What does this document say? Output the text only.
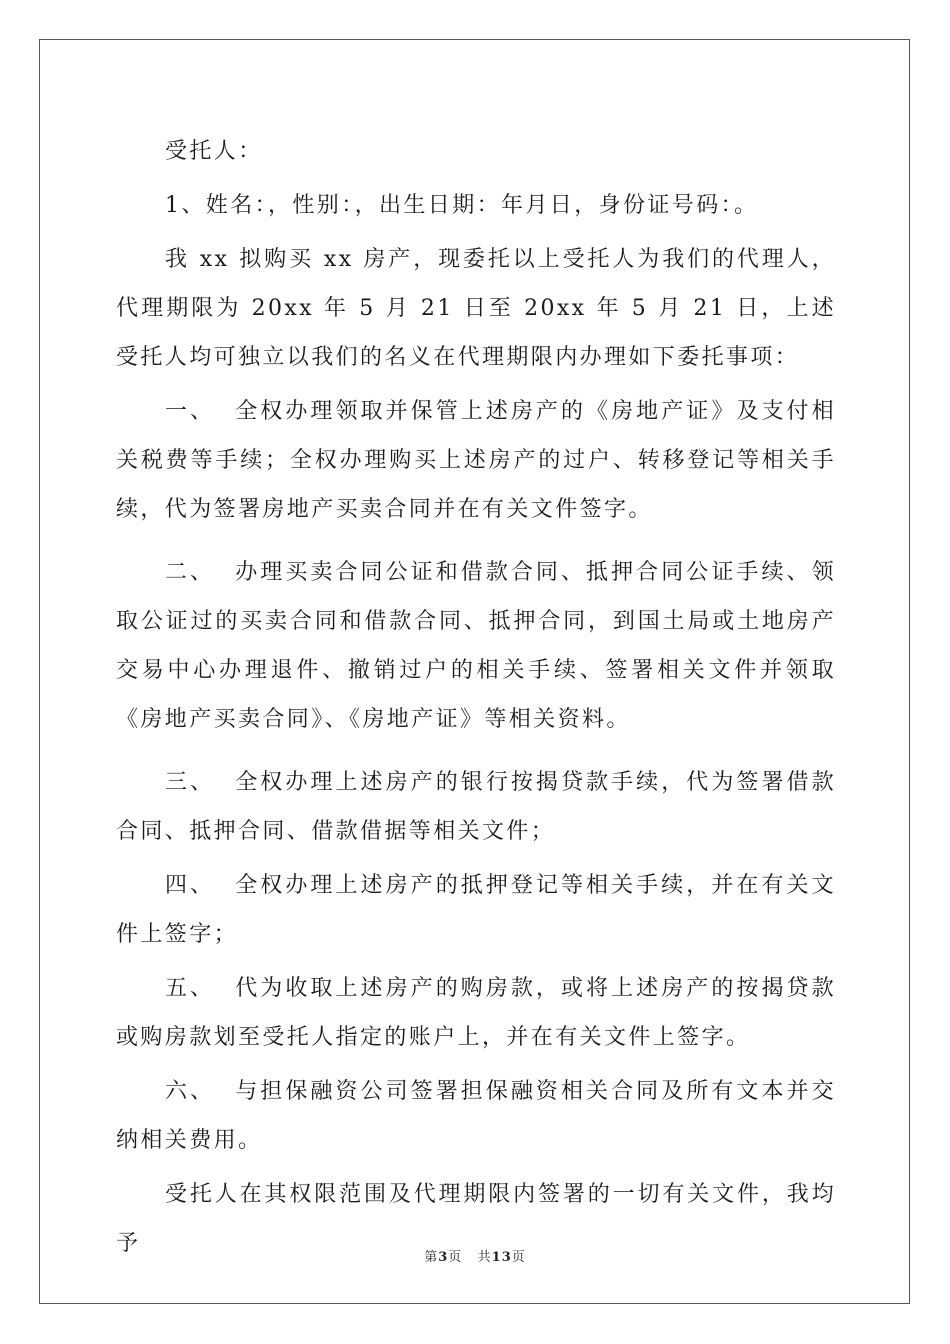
受托人：

1、姓名：，性别：，出生日期：年月日，身份证号码：。

我 xx 拟购买 xx 房产，现委托以上受托人为我们的代理人，代理期限为 20xx 年 5 月 21 日至 20xx 年 5 月 21 日，上述受托人均可独立以我们的名义在代理期限内办理如下委托事项：

一、  全权办理领取并保管上述房产的《房地产证》及支付相关税费等手续；全权办理购买上述房产的过户、转移登记等相关手续，代为签署房地产买卖合同并在有关文件签字。

二、  办理买卖合同公证和借款合同、抵押合同公证手续、领取公证过的买卖合同和借款合同、抵押合同，到国土局或土地房产交易中心办理退件、撤销过户的相关手续、签署相关文件并领取《房地产买卖合同》、《房地产证》等相关资料。

三、  全权办理上述房产的银行按揭贷款手续，代为签署借款合同、抵押合同、借款借据等相关文件；

四、  全权办理上述房产的抵押登记等相关手续，并在有关文件上签字；

五、  代为收取上述房产的购房款，或将上述房产的按揭贷款或购房款划至受托人指定的账户上，并在有关文件上签字。

六、  与担保融资公司签署担保融资相关合同及所有文本并交纳相关费用。

受托人在其权限范围及代理期限内签署的一切有关文件，我均予

第3页   共13页
